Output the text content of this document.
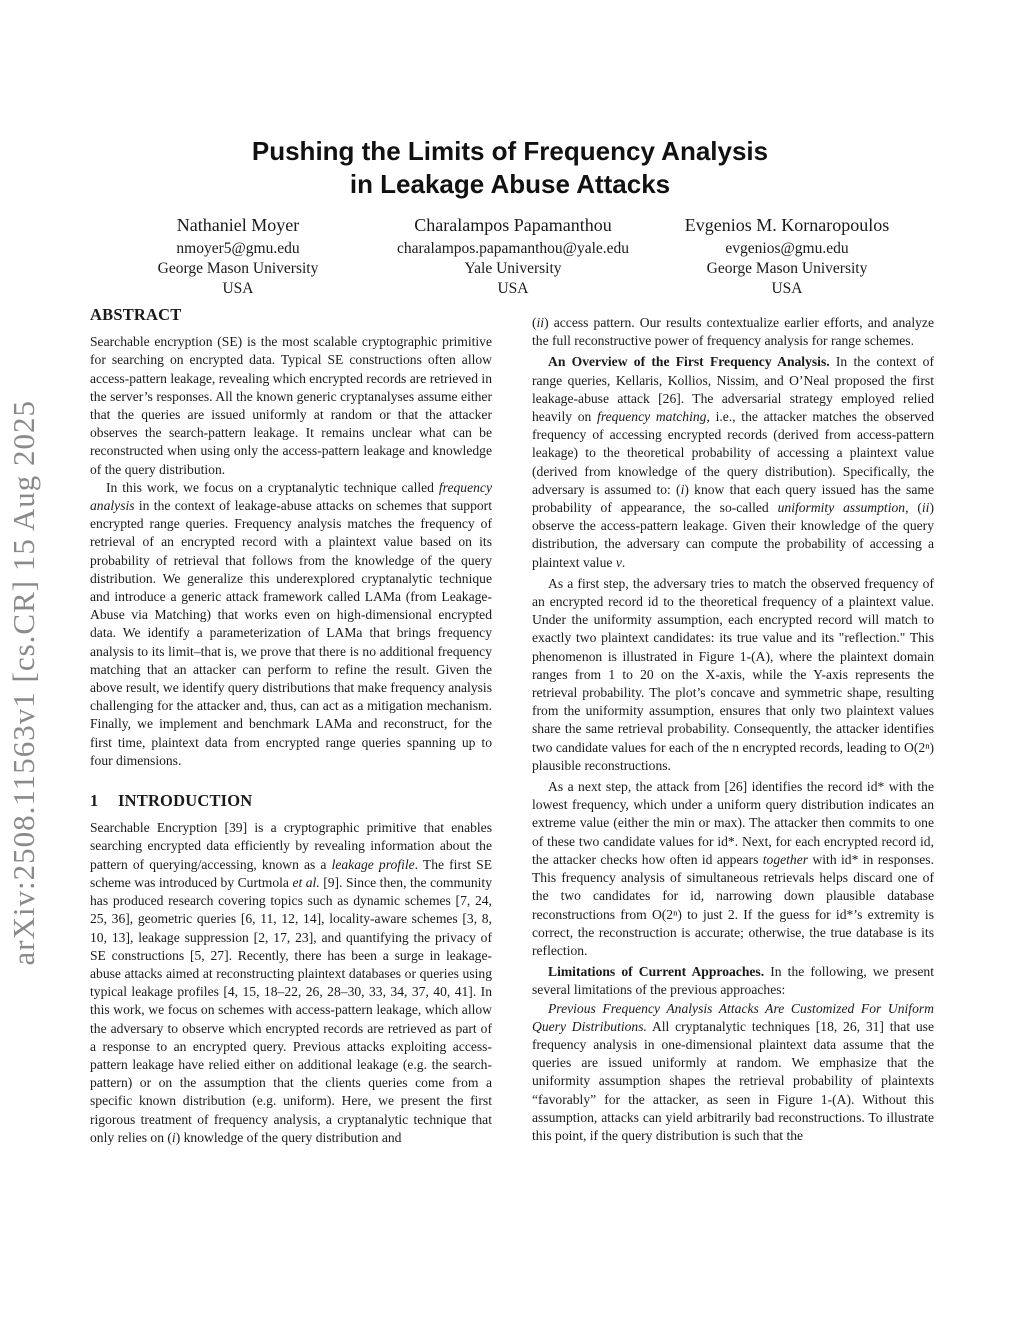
arXiv:2508.11563v1 [cs.CR] 15 Aug 2025
Pushing the Limits of Frequency Analysis
in Leakage Abuse Attacks
Nathaniel Moyer
nmoyer5@gmu.edu
George Mason University
USA
Charalampos Papamanthou
charalampos.papamanthou@yale.edu
Yale University
USA
Evgenios M. Kornaropoulos
evgenios@gmu.edu
George Mason University
USA
ABSTRACT

Searchable encryption (SE) is the most scalable cryptographic primitive for searching on encrypted data. Typical SE constructions often allow access-pattern leakage, revealing which encrypted records are retrieved in the server’s responses. All the known generic cryptanalyses assume either that the queries are issued uniformly at random or that the attacker observes the search-pattern leakage. It remains unclear what can be reconstructed when using only the access-pattern leakage and knowledge of the query distribution.

In this work, we focus on a cryptanalytic technique called frequency analysis in the context of leakage-abuse attacks on schemes that support encrypted range queries. Frequency analysis matches the frequency of retrieval of an encrypted record with a plaintext value based on its probability of retrieval that follows from the knowledge of the query distribution. We generalize this underexplored cryptanalytic technique and introduce a generic attack framework called LAMa (from Leakage-Abuse via Matching) that works even on high-dimensional encrypted data. We identify a parameterization of LAMa that brings frequency analysis to its limit–that is, we prove that there is no additional frequency matching that an attacker can perform to refine the result. Given the above result, we identify query distributions that make frequency analysis challenging for the attacker and, thus, can act as a mitigation mechanism. Finally, we implement and benchmark LAMa and reconstruct, for the first time, plaintext data from encrypted range queries spanning up to four dimensions.

1 INTRODUCTION

Searchable Encryption [39] is a cryptographic primitive that enables searching encrypted data efficiently by revealing information about the pattern of querying/accessing, known as a leakage profile. The first SE scheme was introduced by Curtmola et al. [9]. Since then, the community has produced research covering topics such as dynamic schemes [7, 24, 25, 36], geometric queries [6, 11, 12, 14], locality-aware schemes [3, 8, 10, 13], leakage suppression [2, 17, 23], and quantifying the privacy of SE constructions [5, 27]. Recently, there has been a surge in leakage-abuse attacks aimed at reconstructing plaintext databases or queries using typical leakage profiles [4, 15, 18–22, 26, 28–30, 33, 34, 37, 40, 41]. In this work, we focus on schemes with access-pattern leakage, which allow the adversary to observe which encrypted records are retrieved as part of a response to an encrypted query. Previous attacks exploiting access-pattern leakage have relied either on additional leakage (e.g. the search-pattern) or on the assumption that the clients queries come from a specific known distribution (e.g. uniform). Here, we present the first rigorous treatment of frequency analysis, a cryptanalytic technique that only relies on (i) knowledge of the query distribution and

(ii) access pattern. Our results contextualize earlier efforts, and analyze the full reconstructive power of frequency analysis for range schemes.

An Overview of the First Frequency Analysis. In the context of range queries, Kellaris, Kollios, Nissim, and O’Neal proposed the first leakage-abuse attack [26]. The adversarial strategy employed relied heavily on frequency matching, i.e., the attacker matches the observed frequency of accessing encrypted records (derived from access-pattern leakage) to the theoretical probability of accessing a plaintext value (derived from knowledge of the query distribution). Specifically, the adversary is assumed to: (i) know that each query issued has the same probability of appearance, the so-called uniformity assumption, (ii) observe the access-pattern leakage. Given their knowledge of the query distribution, the adversary can compute the probability of accessing a plaintext value v.

As a first step, the adversary tries to match the observed frequency of an encrypted record id to the theoretical frequency of a plaintext value. Under the uniformity assumption, each encrypted record will match to exactly two plaintext candidates: its true value and its "reflection." This phenomenon is illustrated in Figure 1-(A), where the plaintext domain ranges from 1 to 20 on the X-axis, while the Y-axis represents the retrieval probability. The plot’s concave and symmetric shape, resulting from the uniformity assumption, ensures that only two plaintext values share the same retrieval probability. Consequently, the attacker identifies two candidate values for each of the n encrypted records, leading to O(2ⁿ) plausible reconstructions.

As a next step, the attack from [26] identifies the record id* with the lowest frequency, which under a uniform query distribution indicates an extreme value (either the min or max). The attacker then commits to one of these two candidate values for id*. Next, for each encrypted record id, the attacker checks how often id appears together with id* in responses. This frequency analysis of simultaneous retrievals helps discard one of the two candidates for id, narrowing down plausible database reconstructions from O(2ⁿ) to just 2. If the guess for id*’s extremity is correct, the reconstruction is accurate; otherwise, the true database is its reflection.

Limitations of Current Approaches. In the following, we present several limitations of the previous approaches:

Previous Frequency Analysis Attacks Are Customized For Uniform Query Distributions. All cryptanalytic techniques [18, 26, 31] that use frequency analysis in one-dimensional plaintext data assume that the queries are issued uniformly at random. We emphasize that the uniformity assumption shapes the retrieval probability of plaintexts “favorably” for the attacker, as seen in Figure 1-(A). Without this assumption, attacks can yield arbitrarily bad reconstructions. To illustrate this point, if the query distribution is such that the
